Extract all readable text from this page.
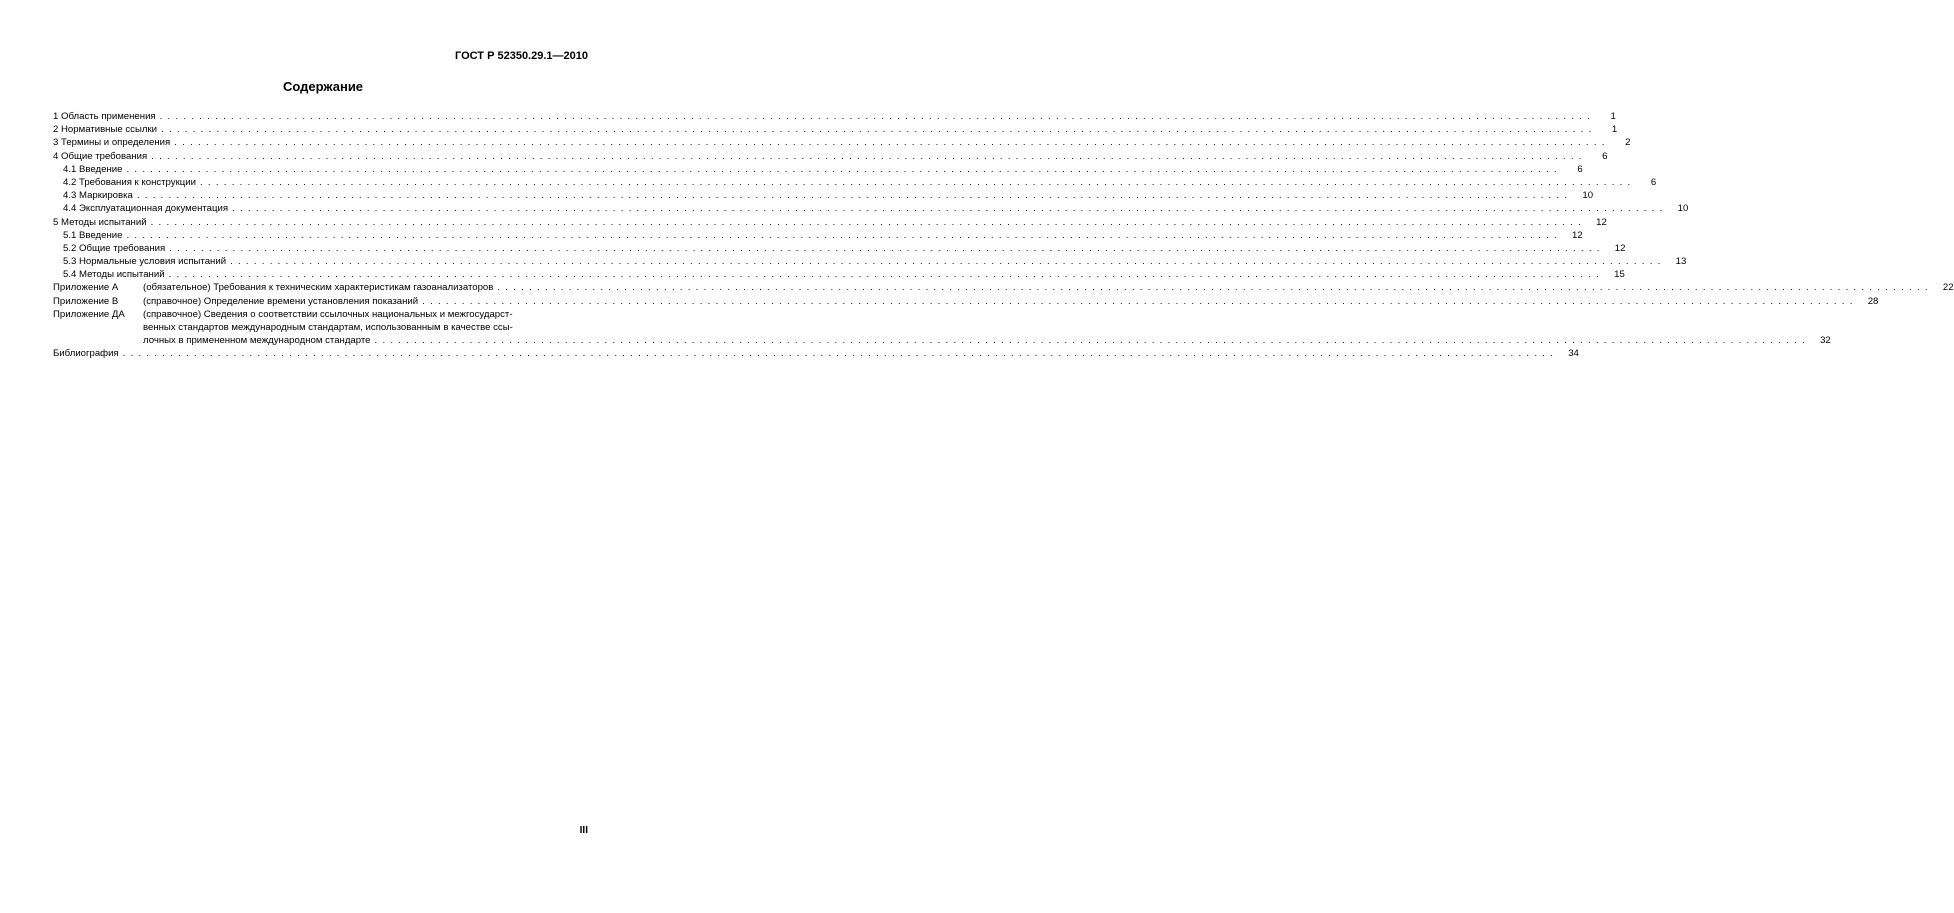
ГОСТ Р 52350.29.1—2010
Содержание
1 Область применения . . .	1
2 Нормативные ссылки . . .	1
3 Термины и определения . . .	2
4 Общие требования . . .	6
4.1 Введение . . .	6
4.2 Требования к конструкции . . .	6
4.3 Маркировка . . .	10
4.4 Эксплуатационная документация . . .	10
5 Методы испытаний . . .	12
5.1 Введение . . .	12
5.2 Общие требования . . .	12
5.3 Нормальные условия испытаний . . .	13
5.4 Методы испытаний . . .	15
Приложение А	(обязательное) Требования к техническим характеристикам газоанализаторов . . .	22
Приложение В	(справочное) Определение времени установления показаний . . .	28
Приложение ДА	(справочное) Сведения о соответствии ссылочных национальных и межгосударст-
венных стандартов международным стандартам, использованным в качестве ссы-
лочных в примененном международном стандарте . . .	32
Библиография . . .	34
III
